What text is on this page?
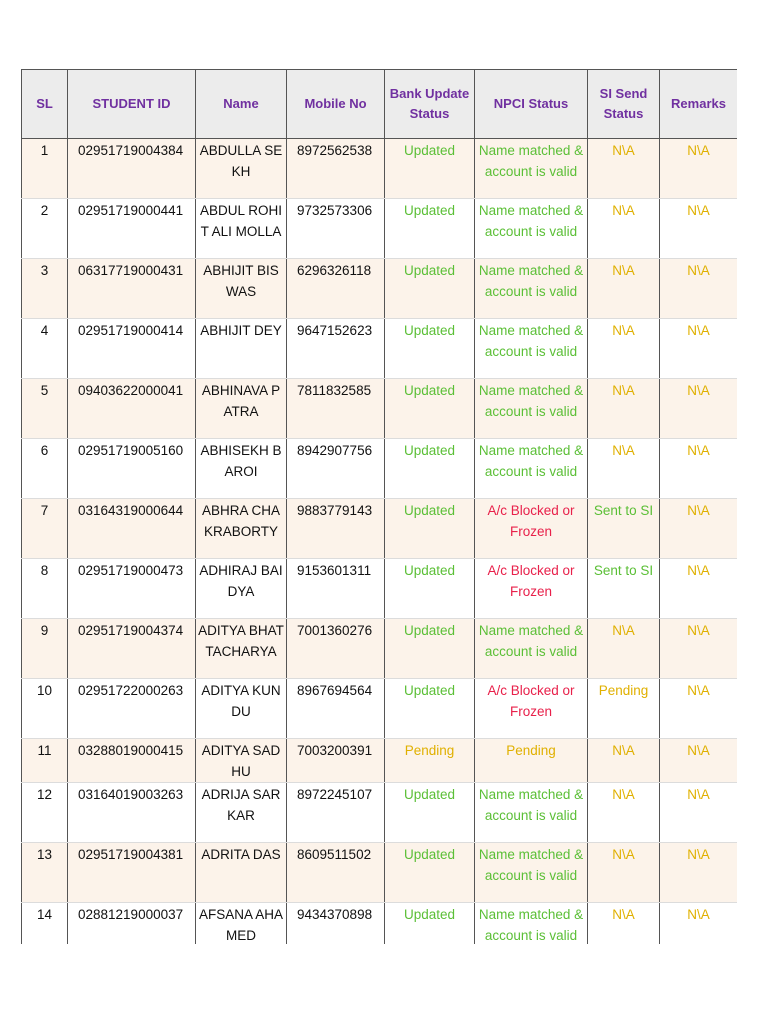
SL	STUDENT ID	Name	Mobile No	Bank Update Status	NPCI Status	SI Send Status	Remarks
1	02951719004384	ABDULLA SEKH	8972562538	Updated	Name matched & account is valid	N\A	N\A
2	02951719000441	ABDUL ROHIT ALI MOLLA	9732573306	Updated	Name matched & account is valid	N\A	N\A
3	06317719000431	ABHIJIT BISWAS	6296326118	Updated	Name matched & account is valid	N\A	N\A
4	02951719000414	ABHIJIT DEY	9647152623	Updated	Name matched & account is valid	N\A	N\A
5	09403622000041	ABHINAVA PATRA	7811832585	Updated	Name matched & account is valid	N\A	N\A
6	02951719005160	ABHISEKH BAROI	8942907756	Updated	Name matched & account is valid	N\A	N\A
7	03164319000644	ABHRA CHAKRABORTY	9883779143	Updated	A/c Blocked or Frozen	Sent to SI	N\A
8	02951719000473	ADHIRAJ BAIDYA	9153601311	Updated	A/c Blocked or Frozen	Sent to SI	N\A
9	02951719004374	ADITYA BHATTACHARYA	7001360276	Updated	Name matched & account is valid	N\A	N\A
10	02951722000263	ADITYA KUNDU	8967694564	Updated	A/c Blocked or Frozen	Pending	N\A
11	03288019000415	ADITYA SADHU	7003200391	Pending	Pending	N\A	N\A
12	03164019003263	ADRIJA SARKAR	8972245107	Updated	Name matched & account is valid	N\A	N\A
13	02951719004381	ADRITA DAS	8609511502	Updated	Name matched & account is valid	N\A	N\A
14	02881219000037	AFSANA AHAMED	9434370898	Updated	Name matched & account is valid	N\A	N\A
